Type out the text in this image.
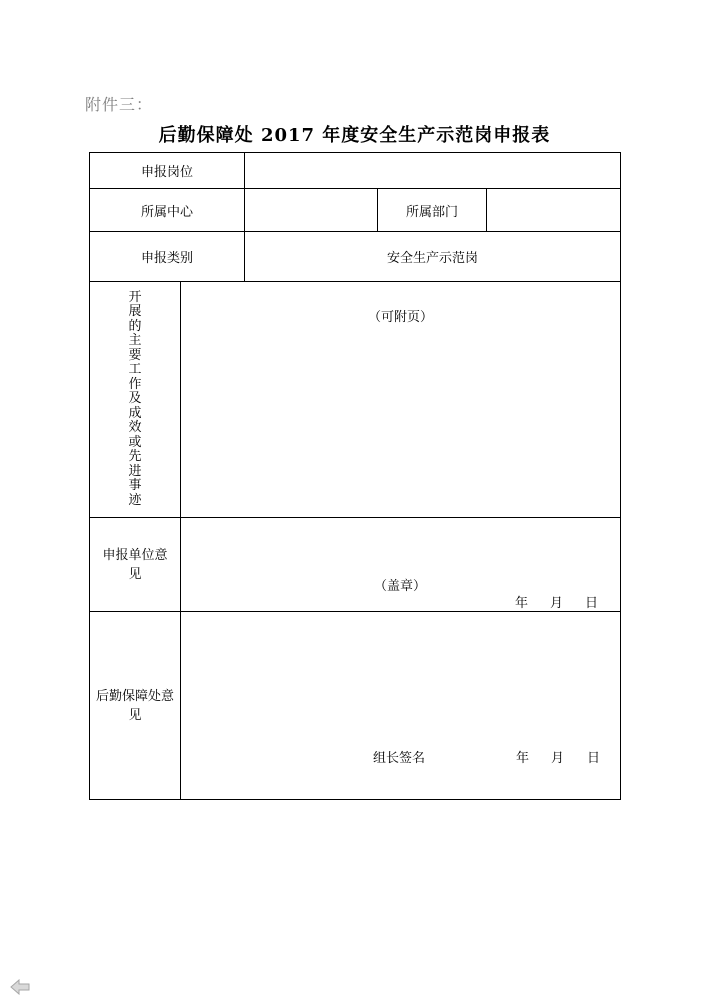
附件三：
后勤保障处 2017 年度安全生产示范岗申报表
申报岗位				
所属中心			所属部门	
申报类别		安全生产示范岗		

开展的主要工作及成效或先进事迹	（可附页）			

申报单位意见	（盖章）
年 月 日			

后勤保障处意见	组长签名 年 月 日			
